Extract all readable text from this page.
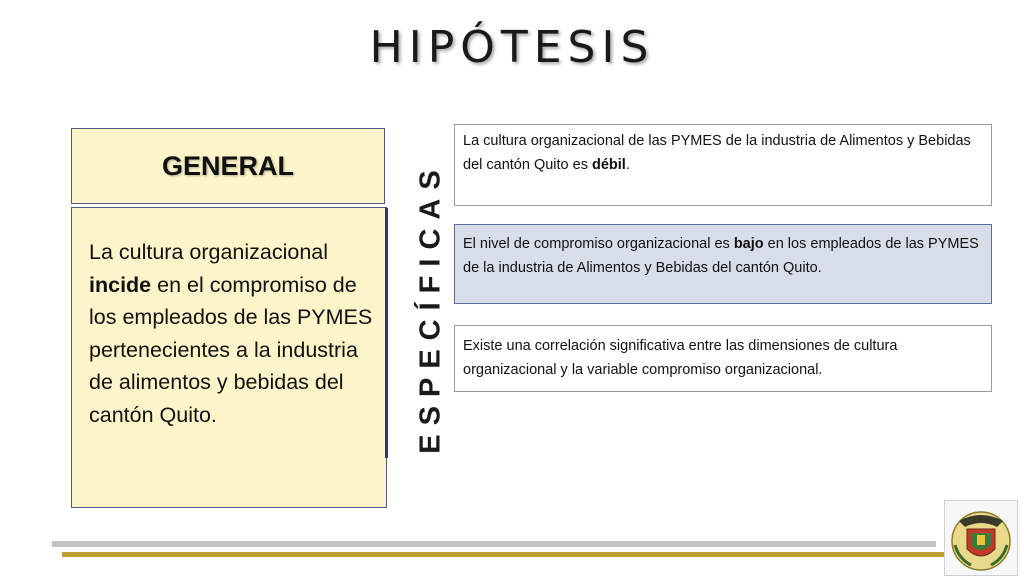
HIPÓTESIS
GENERAL
La cultura organizacional incide en el compromiso de los empleados de las PYMES pertenecientes a la industria de alimentos y bebidas del cantón Quito.	ESPECÍFICAS
La cultura organizacional de las PYMES de la industria de Alimentos y Bebidas del cantón Quito es débil.
El nivel de compromiso organizacional es bajo en los empleados de las PYMES de la industria de Alimentos y Bebidas del cantón Quito.
Existe una correlación significativa entre las dimensiones de cultura organizacional y la variable compromiso organizacional.
